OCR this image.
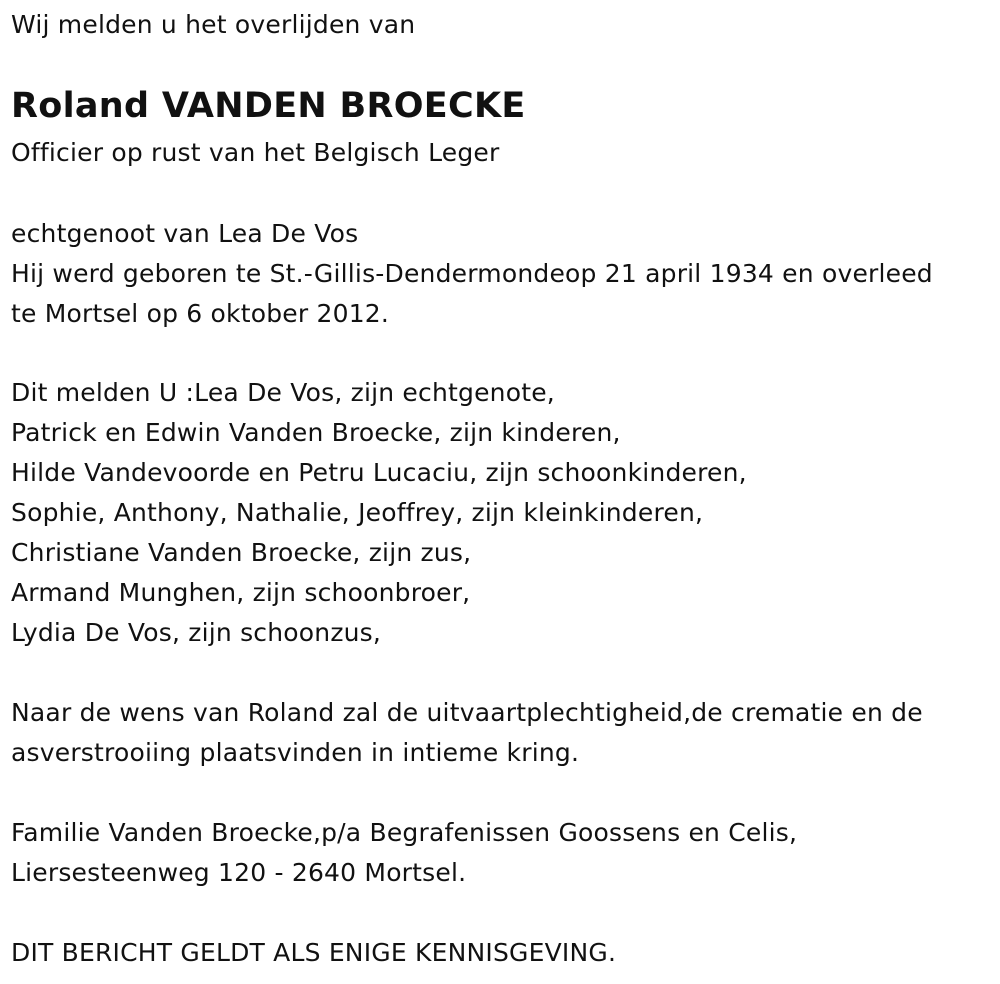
Wij melden u het overlijden van
Roland VANDEN BROECKE
Officier op rust van het Belgisch Leger
echtgenoot van Lea De Vos
Hij werd geboren te St.-Gillis-Dendermondeop 21 april 1934 en overleed
te Mortsel op 6 oktober 2012.
Dit melden U :Lea De Vos, zijn echtgenote,
Patrick en Edwin Vanden Broecke, zijn kinderen,
Hilde Vandevoorde en Petru Lucaciu, zijn schoonkinderen,
Sophie, Anthony, Nathalie, Jeoffrey, zijn kleinkinderen,
Christiane Vanden Broecke, zijn zus,
Armand Munghen, zijn schoonbroer,
Lydia De Vos, zijn schoonzus,
Naar de wens van Roland zal de uitvaartplechtigheid,de crematie en de
asverstrooiing plaatsvinden in intieme kring.
Familie Vanden Broecke,p/a Begrafenissen Goossens en Celis,
Liersesteenweg 120 - 2640 Mortsel.
DIT BERICHT GELDT ALS ENIGE KENNISGEVING.
